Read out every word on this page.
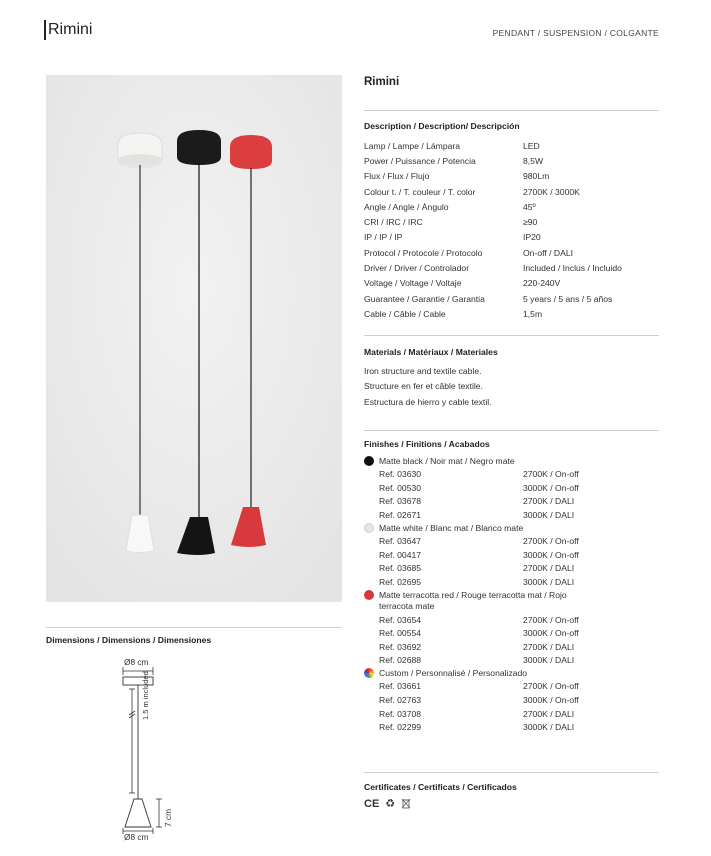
Rimini	PENDANT / SUSPENSION / COLGANTE
Rimini
Description / Description/ Descripción
Lamp / Lampe / Lámpara	LED
Power / Puissance / Potencia	8,5W
Flux / Flux / Flujo	980Lm
Colour t. / T. couleur / T. color	2700K / 3000K
Angle / Angle / Ángulo	45º
CRI / IRC / IRC	≥90
IP / IP / IP	IP20
Protocol / Protocole / Protocolo	On-off / DALI
Driver / Driver / Controlador	Included / Inclus / Incluido
Voltage / Voltage / Voltaje	220-240V
Guarantee / Garantie / Garantia	5 years / 5 ans / 5 años
Cable / Câble / Cable	1,5m
Materials / Matériaux / Materiales
Iron structure and textile cable.
Structure en fer et câble textile.
Estructura de hierro y cable textil.
Finishes / Finitions / Acabados
Matte black / Noir mat / Negro mate
Ref. 03630	2700K / On-off
Ref. 00530	3000K / On-off
Ref. 03678	2700K / DALI
Ref. 02671	3000K / DALI
Matte white / Blanc mat / Blanco mate
Ref. 03647	2700K / On-off
Ref. 00417	3000K / On-off
Ref. 03685	2700K / DALI
Ref. 02695	3000K / DALI
Matte terracotta red / Rouge terracotta mat / Rojo terracota mate
Ref. 03654	2700K / On-off
Ref. 00554	3000K / On-off
Ref. 03692	2700K / DALI
Ref. 02688	3000K / DALI
Custom / Personnalisé / Personalizado
Ref. 03661	2700K / On-off
Ref. 02763	3000K / On-off
Ref. 03708	2700K / DALI
Ref. 02299	3000K / DALI
Certificates / Certificats / Certificados
CE ♻
Dimensions / Dimensions / Dimensiones
Ø8 cm
Ø8 cm
1.5 m included
7 cm
